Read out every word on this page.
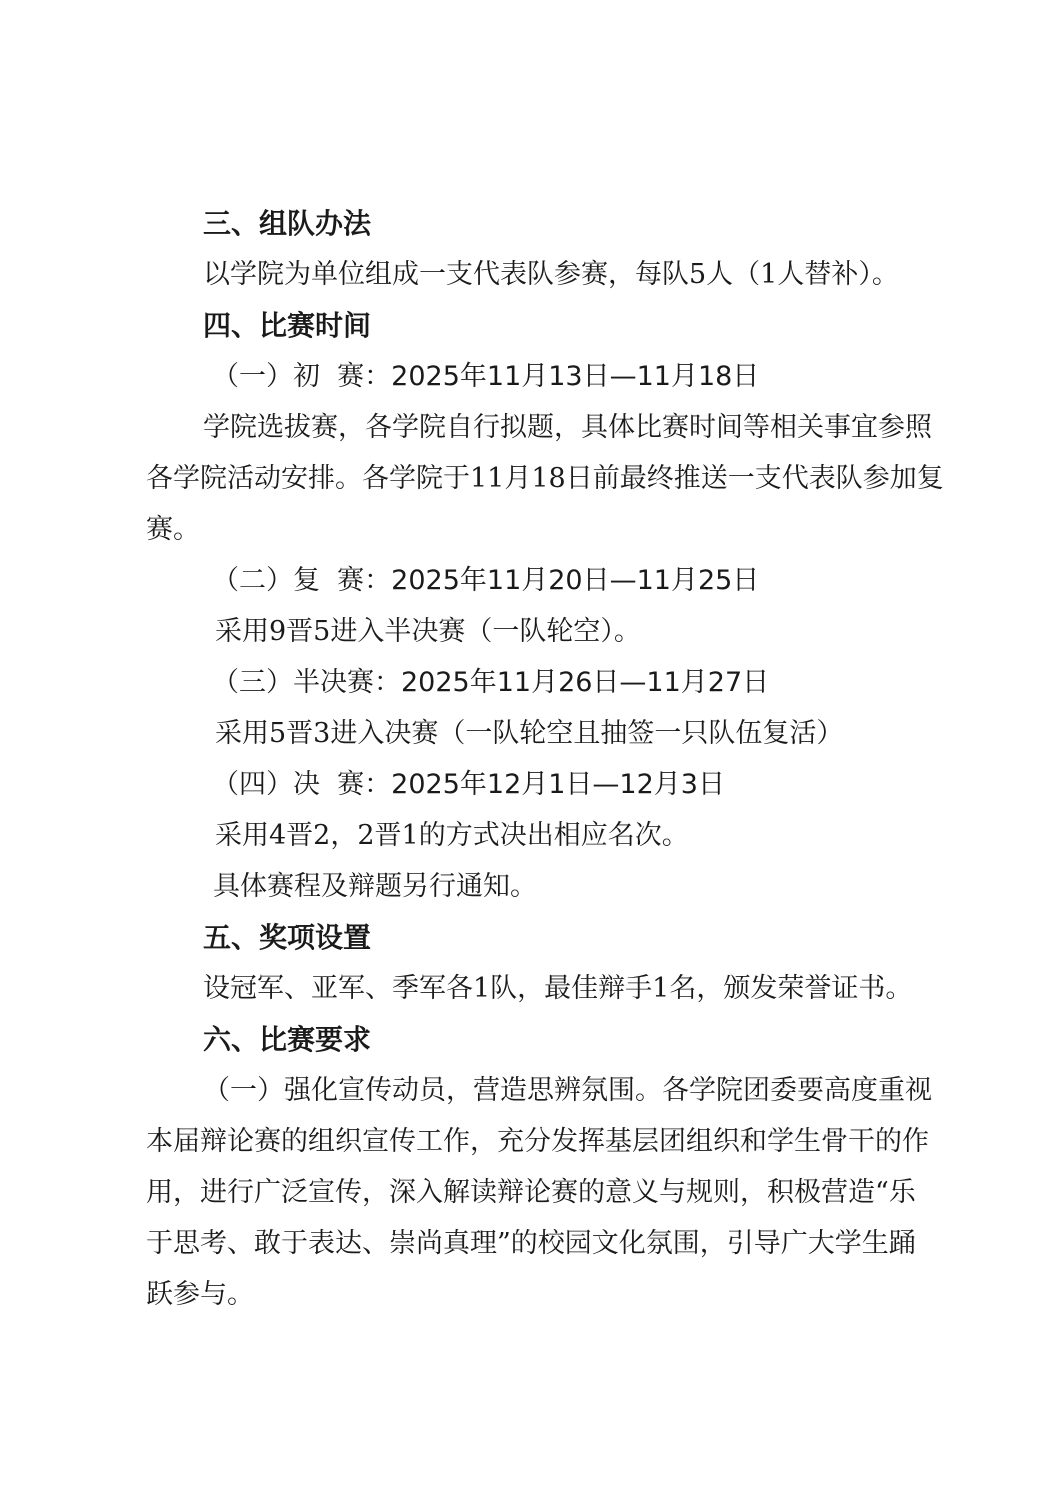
三、组队办法
以学院为单位组成一支代表队参赛，每队5人（1人替补）。
四、比赛时间
（一）初  赛：2025年11月13日—11月18日
学院选拔赛，各学院自行拟题，具体比赛时间等相关事宜参照
各学院活动安排。各学院于11月18日前最终推送一支代表队参加复
赛。
（二）复  赛：2025年11月20日—11月25日
采用9晋5进入半决赛（一队轮空）。
（三）半决赛：2025年11月26日—11月27日
采用5晋3进入决赛（一队轮空且抽签一只队伍复活）
（四）决  赛：2025年12月1日—12月3日
采用4晋2，2晋1的方式决出相应名次。
具体赛程及辩题另行通知。
五、奖项设置
设冠军、亚军、季军各1队，最佳辩手1名，颁发荣誉证书。
六、比赛要求
（一）强化宣传动员，营造思辨氛围。各学院团委要高度重视
本届辩论赛的组织宣传工作，充分发挥基层团组织和学生骨干的作
用，进行广泛宣传，深入解读辩论赛的意义与规则，积极营造“乐
于思考、敢于表达、崇尚真理”的校园文化氛围，引导广大学生踊
跃参与。
